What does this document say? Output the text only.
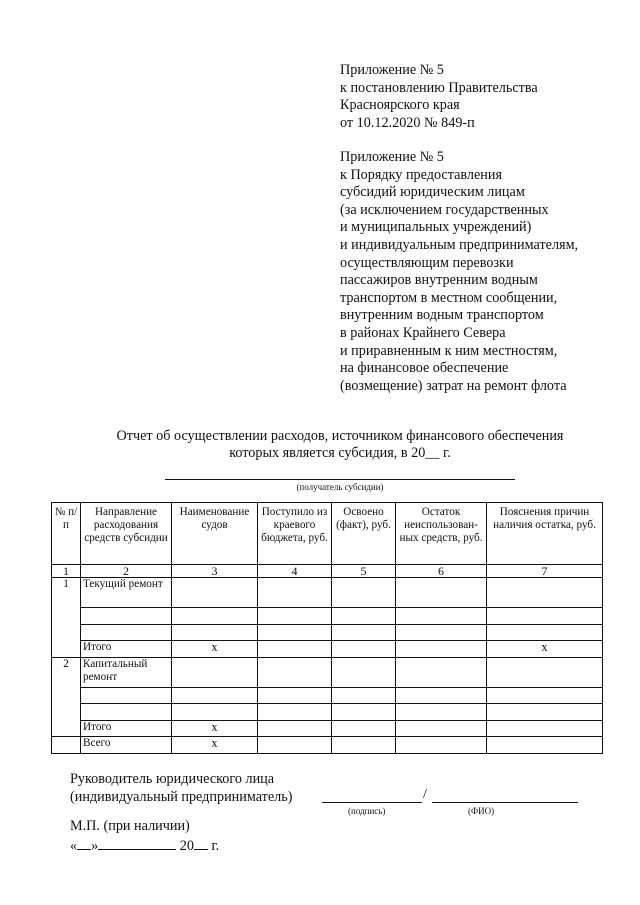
Приложение № 5
к постановлению Правительства
Красноярского края
от 10.12.2020 № 849-п
Приложение № 5
к Порядку предоставления
субсидий юридическим лицам
(за исключением государственных
и муниципальных учреждений)
и индивидуальным предпринимателям,
осуществляющим перевозки
пассажиров внутренним водным
транспортом в местном сообщении,
внутренним водным транспортом
в районах Крайнего Севера
и приравненным к ним местностям,
на финансовое обеспечение
(возмещение) затрат на ремонт флота
Отчет об осуществлении расходов, источником финансового обеспечения
которых является субсидия, в 20__ г.
(получатель субсидии)
№ п/п	Направление расходования средств субсидии	Наименование судов	Поступило из краевого бюджета, руб.	Освоено (факт), руб.	Остаток неиспользован-ных средств, руб.	Пояснения причин наличия остатка, руб.
1	2	3	4	5	6	7
1	Текущий ремонт					

	Итого	x				x
2	Капитальный ремонт					

	Итого	x				
	Всего	x				
Руководитель юридического лица
(индивидуальный предприниматель)	/
(подпись)	(ФИО)
М.П. (при наличии)
« »	20 г.
